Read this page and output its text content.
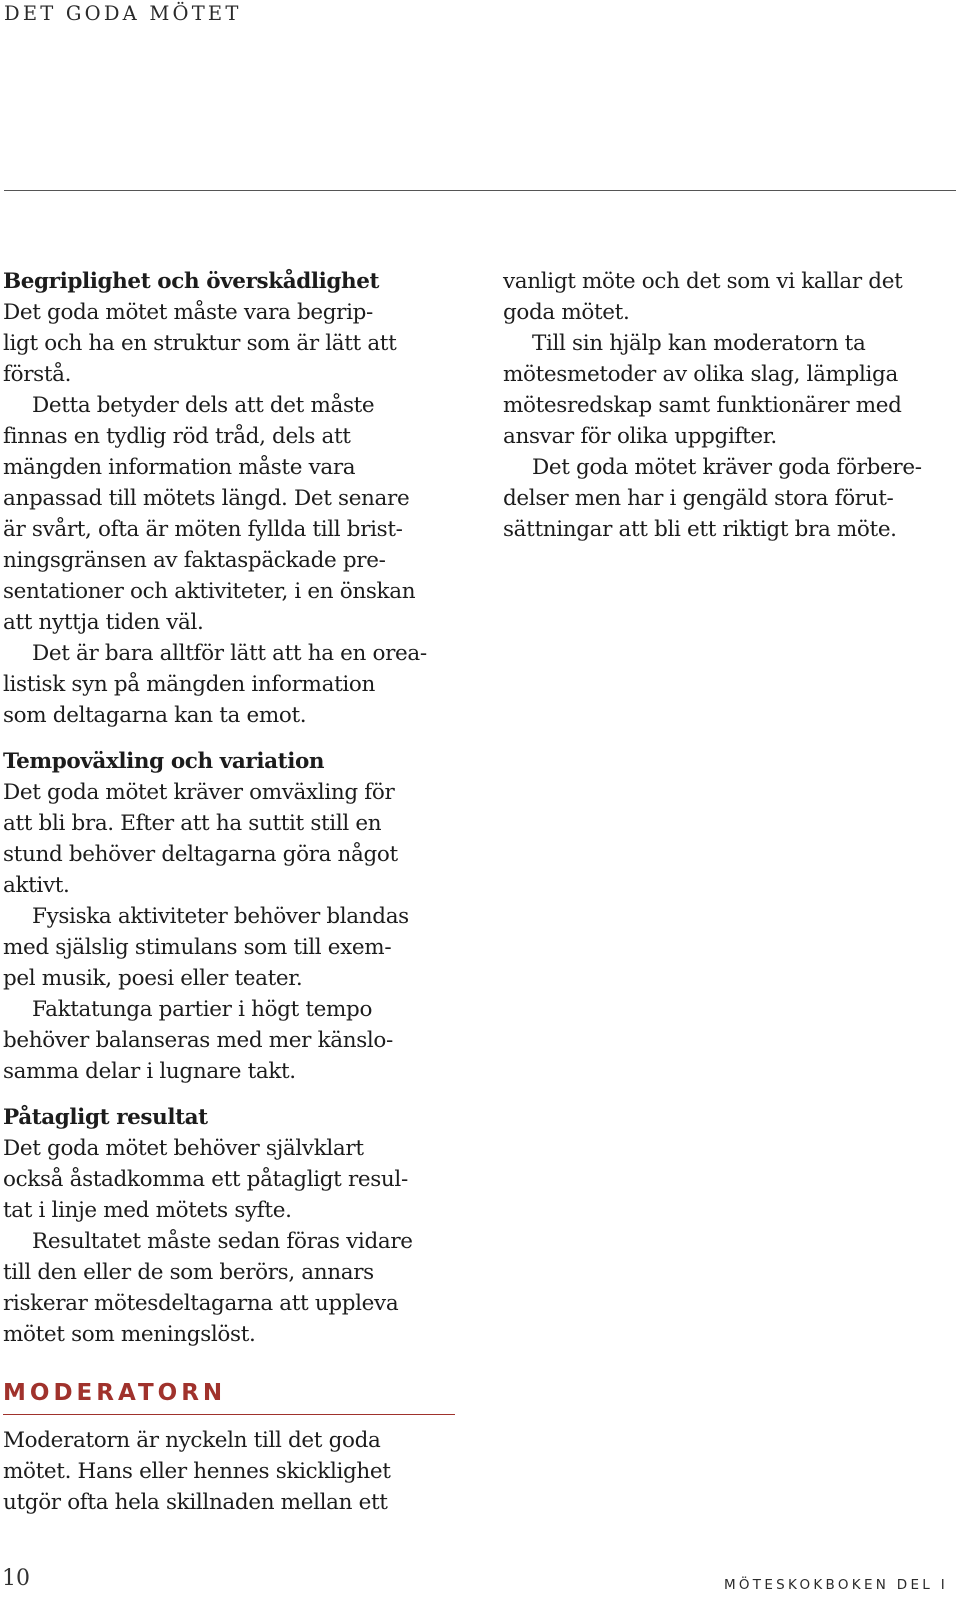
DET GODA MÖTET
Begriplighet och överskådlighet

Det goda mötet måste vara begrip-

ligt och ha en struktur som är lätt att

förstå.

Detta betyder dels att det måste

finnas en tydlig röd tråd, dels att

mängden information måste vara

anpassad till mötets längd. Det senare

är svårt, ofta är möten fyllda till brist-

ningsgränsen av faktaspäckade pre-

sentationer och aktiviteter, i en önskan

att nyttja tiden väl.

Det är bara alltför lätt att ha en orea-

listisk syn på mängden information

som deltagarna kan ta emot.

Tempoväxling och variation

Det goda mötet kräver omväxling för

att bli bra. Efter att ha suttit still en

stund behöver deltagarna göra något

aktivt.

Fysiska aktiviteter behöver blandas

med själslig stimulans som till exem-

pel musik, poesi eller teater.

Faktatunga partier i högt tempo

behöver balanseras med mer känslo-

samma delar i lugnare takt.

Påtagligt resultat

Det goda mötet behöver självklart

också åstadkomma ett påtagligt resul-

tat i linje med mötets syfte.

Resultatet måste sedan föras vidare

till den eller de som berörs, annars

riskerar mötesdeltagarna att uppleva

mötet som meningslöst.

MODERATORN

Moderatorn är nyckeln till det goda

mötet. Hans eller hennes skicklighet

utgör ofta hela skillnaden mellan ett

vanligt möte och det som vi kallar det

goda mötet.

Till sin hjälp kan moderatorn ta

mötesmetoder av olika slag, lämpliga

mötesredskap samt funktionärer med

ansvar för olika uppgifter.

Det goda mötet kräver goda förbere-

delser men har i gengäld stora förut-

sättningar att bli ett riktigt bra möte.

10	MÖTESKOKBOKEN DEL I
